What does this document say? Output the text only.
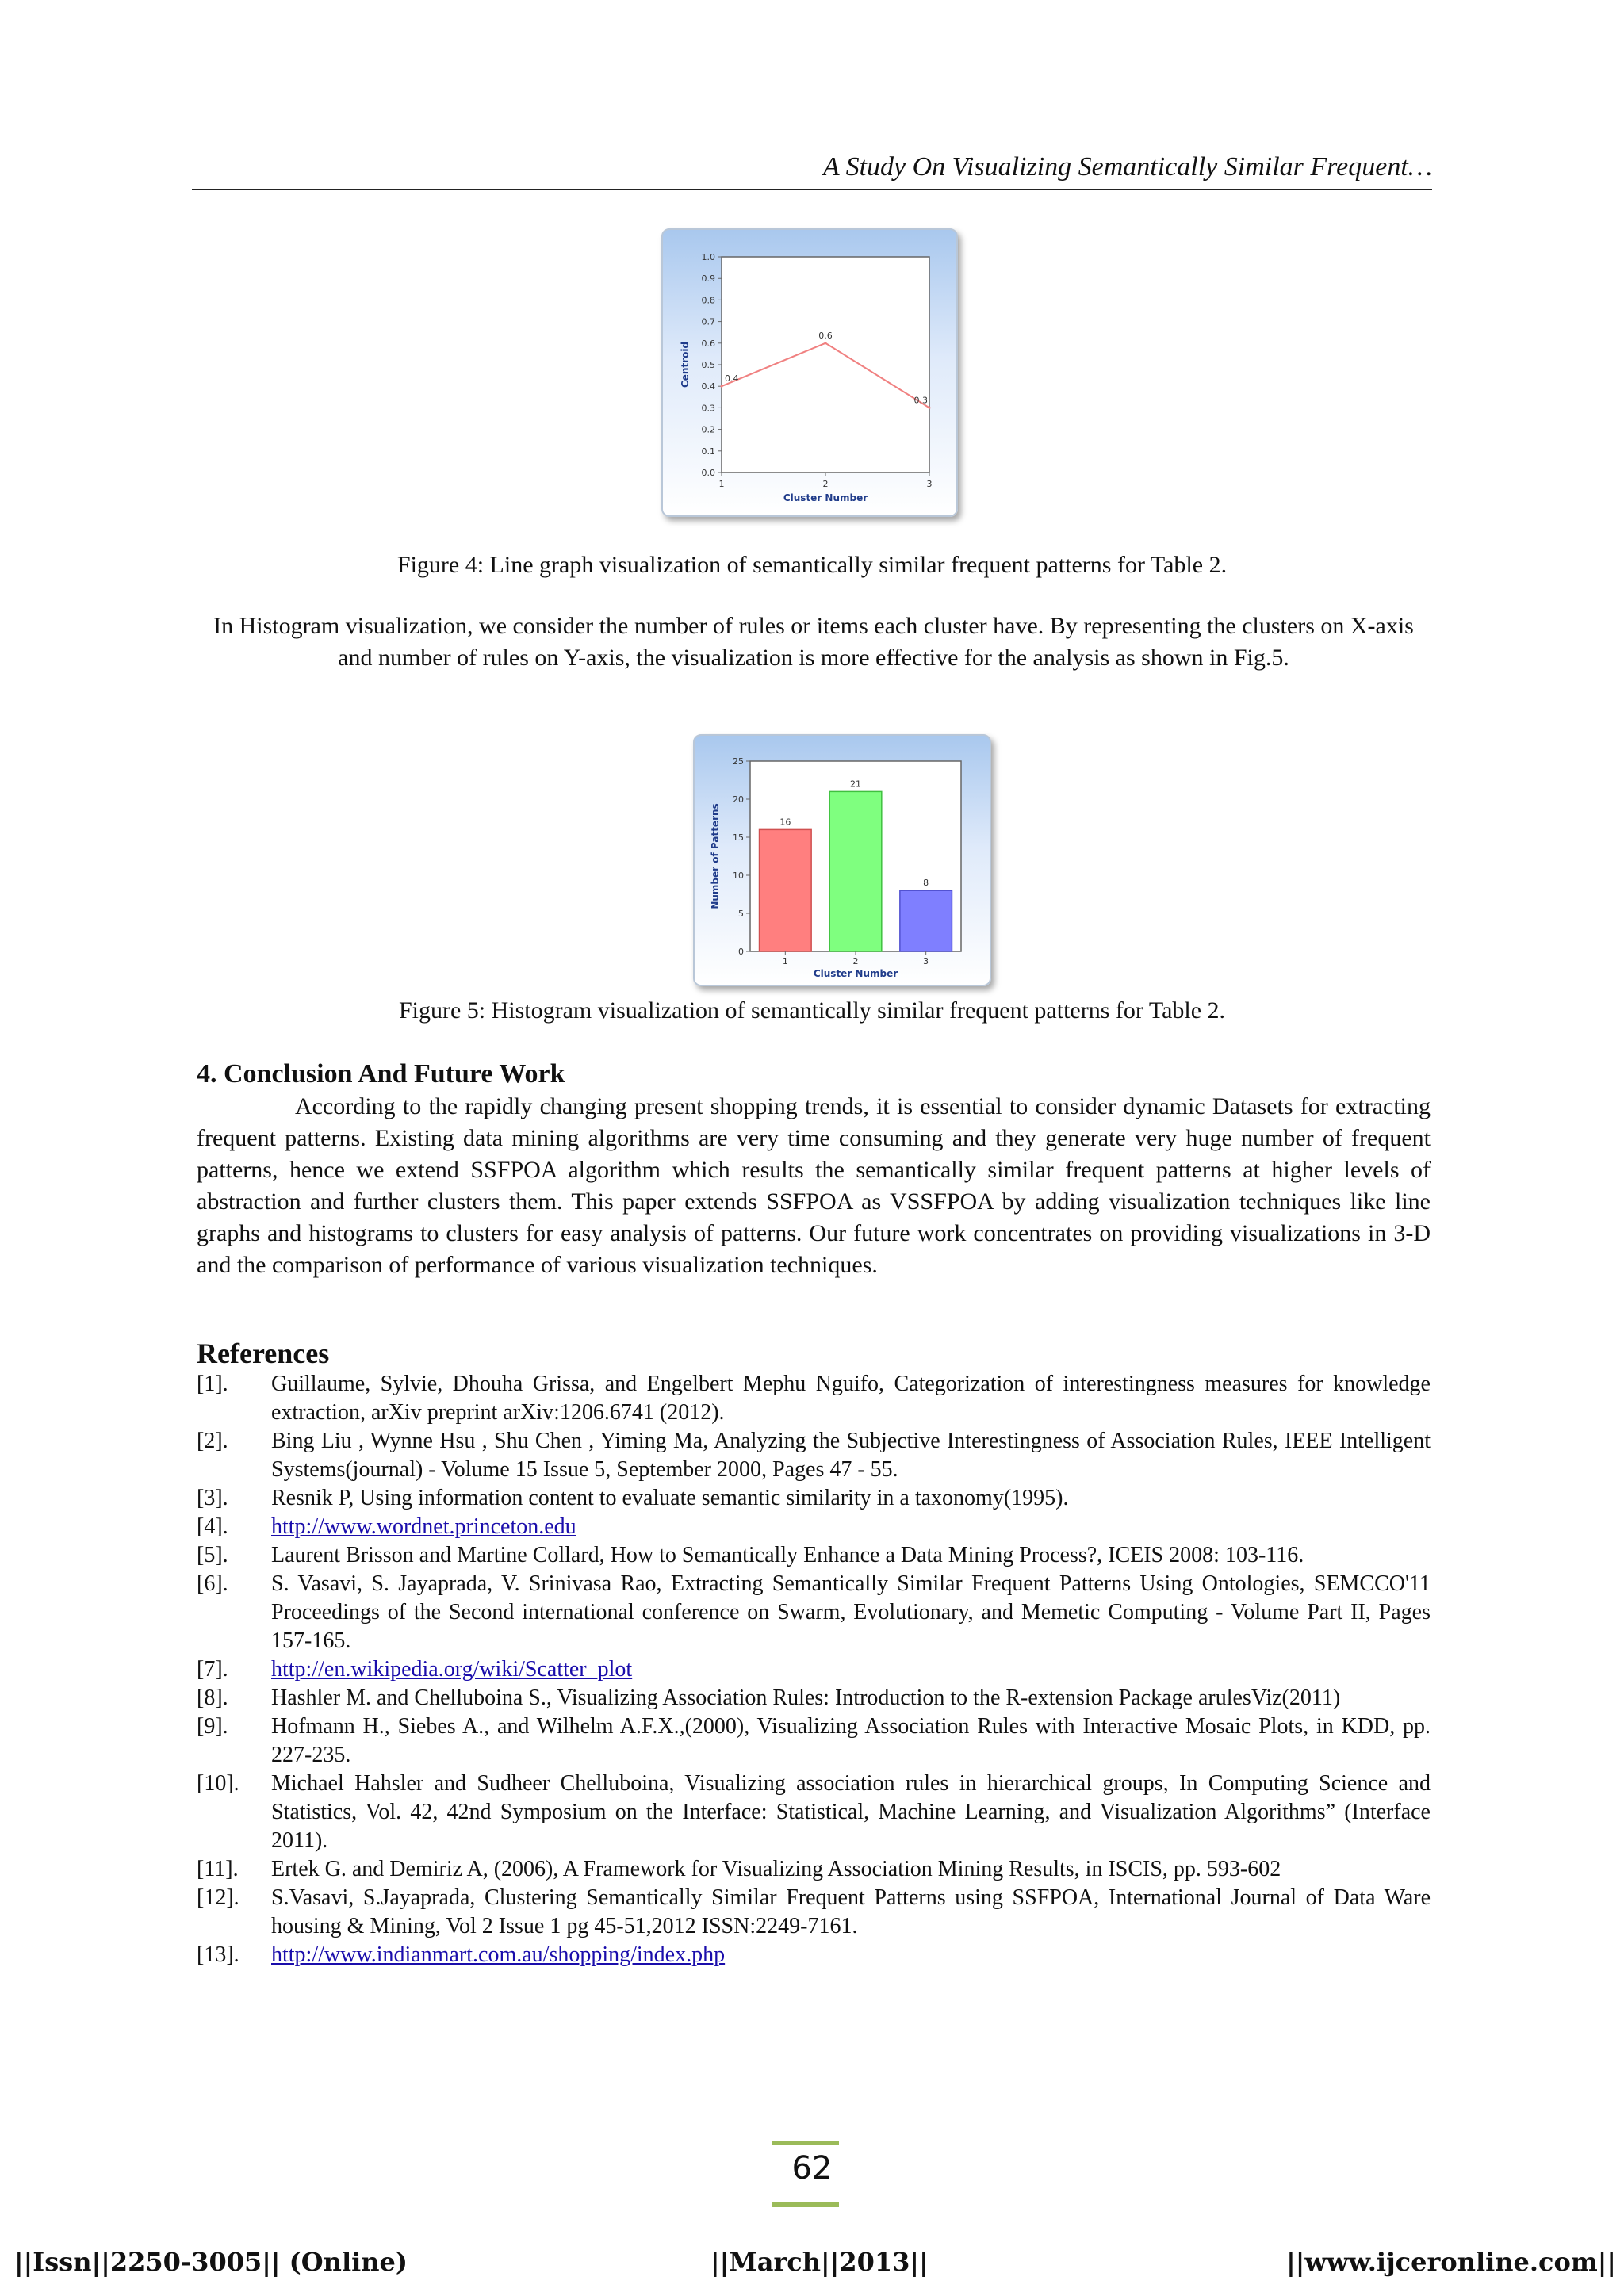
A Study On Visualizing Semantically Similar Frequent…
0.0
0.1
0.2
0.3
0.4
0.5
0.6
0.7
0.8
0.9
1.0
1	2	3
0.4
0.6
0.3
Cluster Number
Centroid
Figure 4: Line graph visualization of semantically similar frequent patterns for Table 2.

In Histogram visualization, we consider the number of rules or items each cluster have. By representing the clusters on X-axis and number of rules on Y-axis, the visualization is more effective for the analysis as shown in Fig.5.

0
5
10
15
20
25
16
21
8
1	2	3
Cluster Number
Number of Patterns
Figure 5: Histogram visualization of semantically similar frequent patterns for Table 2.
4. Conclusion And Future Work

According to the rapidly changing present shopping trends, it is essential to consider dynamic Datasets for extracting frequent patterns. Existing data mining algorithms are very time consuming and they generate very huge number of frequent patterns, hence we extend SSFPOA algorithm which results the semantically similar frequent patterns at higher levels of abstraction and further clusters them. This paper extends SSFPOA as VSSFPOA by adding visualization techniques like line graphs and histograms to clusters for easy analysis of patterns. Our future work concentrates on providing visualizations in 3-D and the comparison of performance of various visualization techniques.

References
[1].	Guillaume, Sylvie, Dhouha Grissa, and Engelbert Mephu Nguifo, Categorization of interestingness measures for knowledge extraction, arXiv preprint arXiv:1206.6741 (2012).
[2].	Bing Liu , Wynne Hsu , Shu Chen , Yiming Ma, Analyzing the Subjective Interestingness of Association Rules, IEEE Intelligent Systems(journal) - Volume 15 Issue 5, September 2000, Pages 47 - 55.
[3].	Resnik P, Using information content to evaluate semantic similarity in a taxonomy(1995).
[4].	http://www.wordnet.princeton.edu
[5].	Laurent Brisson and Martine Collard, How to Semantically Enhance a Data Mining Process?, ICEIS 2008: 103-116.
[6].	S. Vasavi, S. Jayaprada, V. Srinivasa Rao, Extracting Semantically Similar Frequent Patterns Using Ontologies, SEMCCO'11 Proceedings of the Second international conference on Swarm, Evolutionary, and Memetic Computing - Volume Part II, Pages 157-165.
[7].	http://en.wikipedia.org/wiki/Scatter_plot
[8].	Hashler M. and Chelluboina S., Visualizing Association Rules: Introduction to the R-extension Package arulesViz(2011)
[9].	Hofmann H., Siebes A., and Wilhelm A.F.X.,(2000), Visualizing Association Rules with Interactive Mosaic Plots, in KDD, pp. 227-235.
[10].	Michael Hahsler and Sudheer Chelluboina, Visualizing association rules in hierarchical groups, In Computing Science and Statistics, Vol. 42, 42nd Symposium on the Interface: Statistical, Machine Learning, and Visualization Algorithms” (Interface 2011).
[11].	Ertek G. and Demiriz A, (2006), A Framework for Visualizing Association Mining Results, in ISCIS, pp. 593-602
[12].	S.Vasavi, S.Jayaprada, Clustering Semantically Similar Frequent Patterns using SSFPOA, International Journal of Data Ware housing & Mining, Vol 2 Issue 1 pg 45-51,2012 ISSN:2249-7161.
[13].	http://www.indianmart.com.au/shopping/index.php
62
||Issn||2250-3005|| (Online)	||March||2013||	||www.ijceronline.com||
